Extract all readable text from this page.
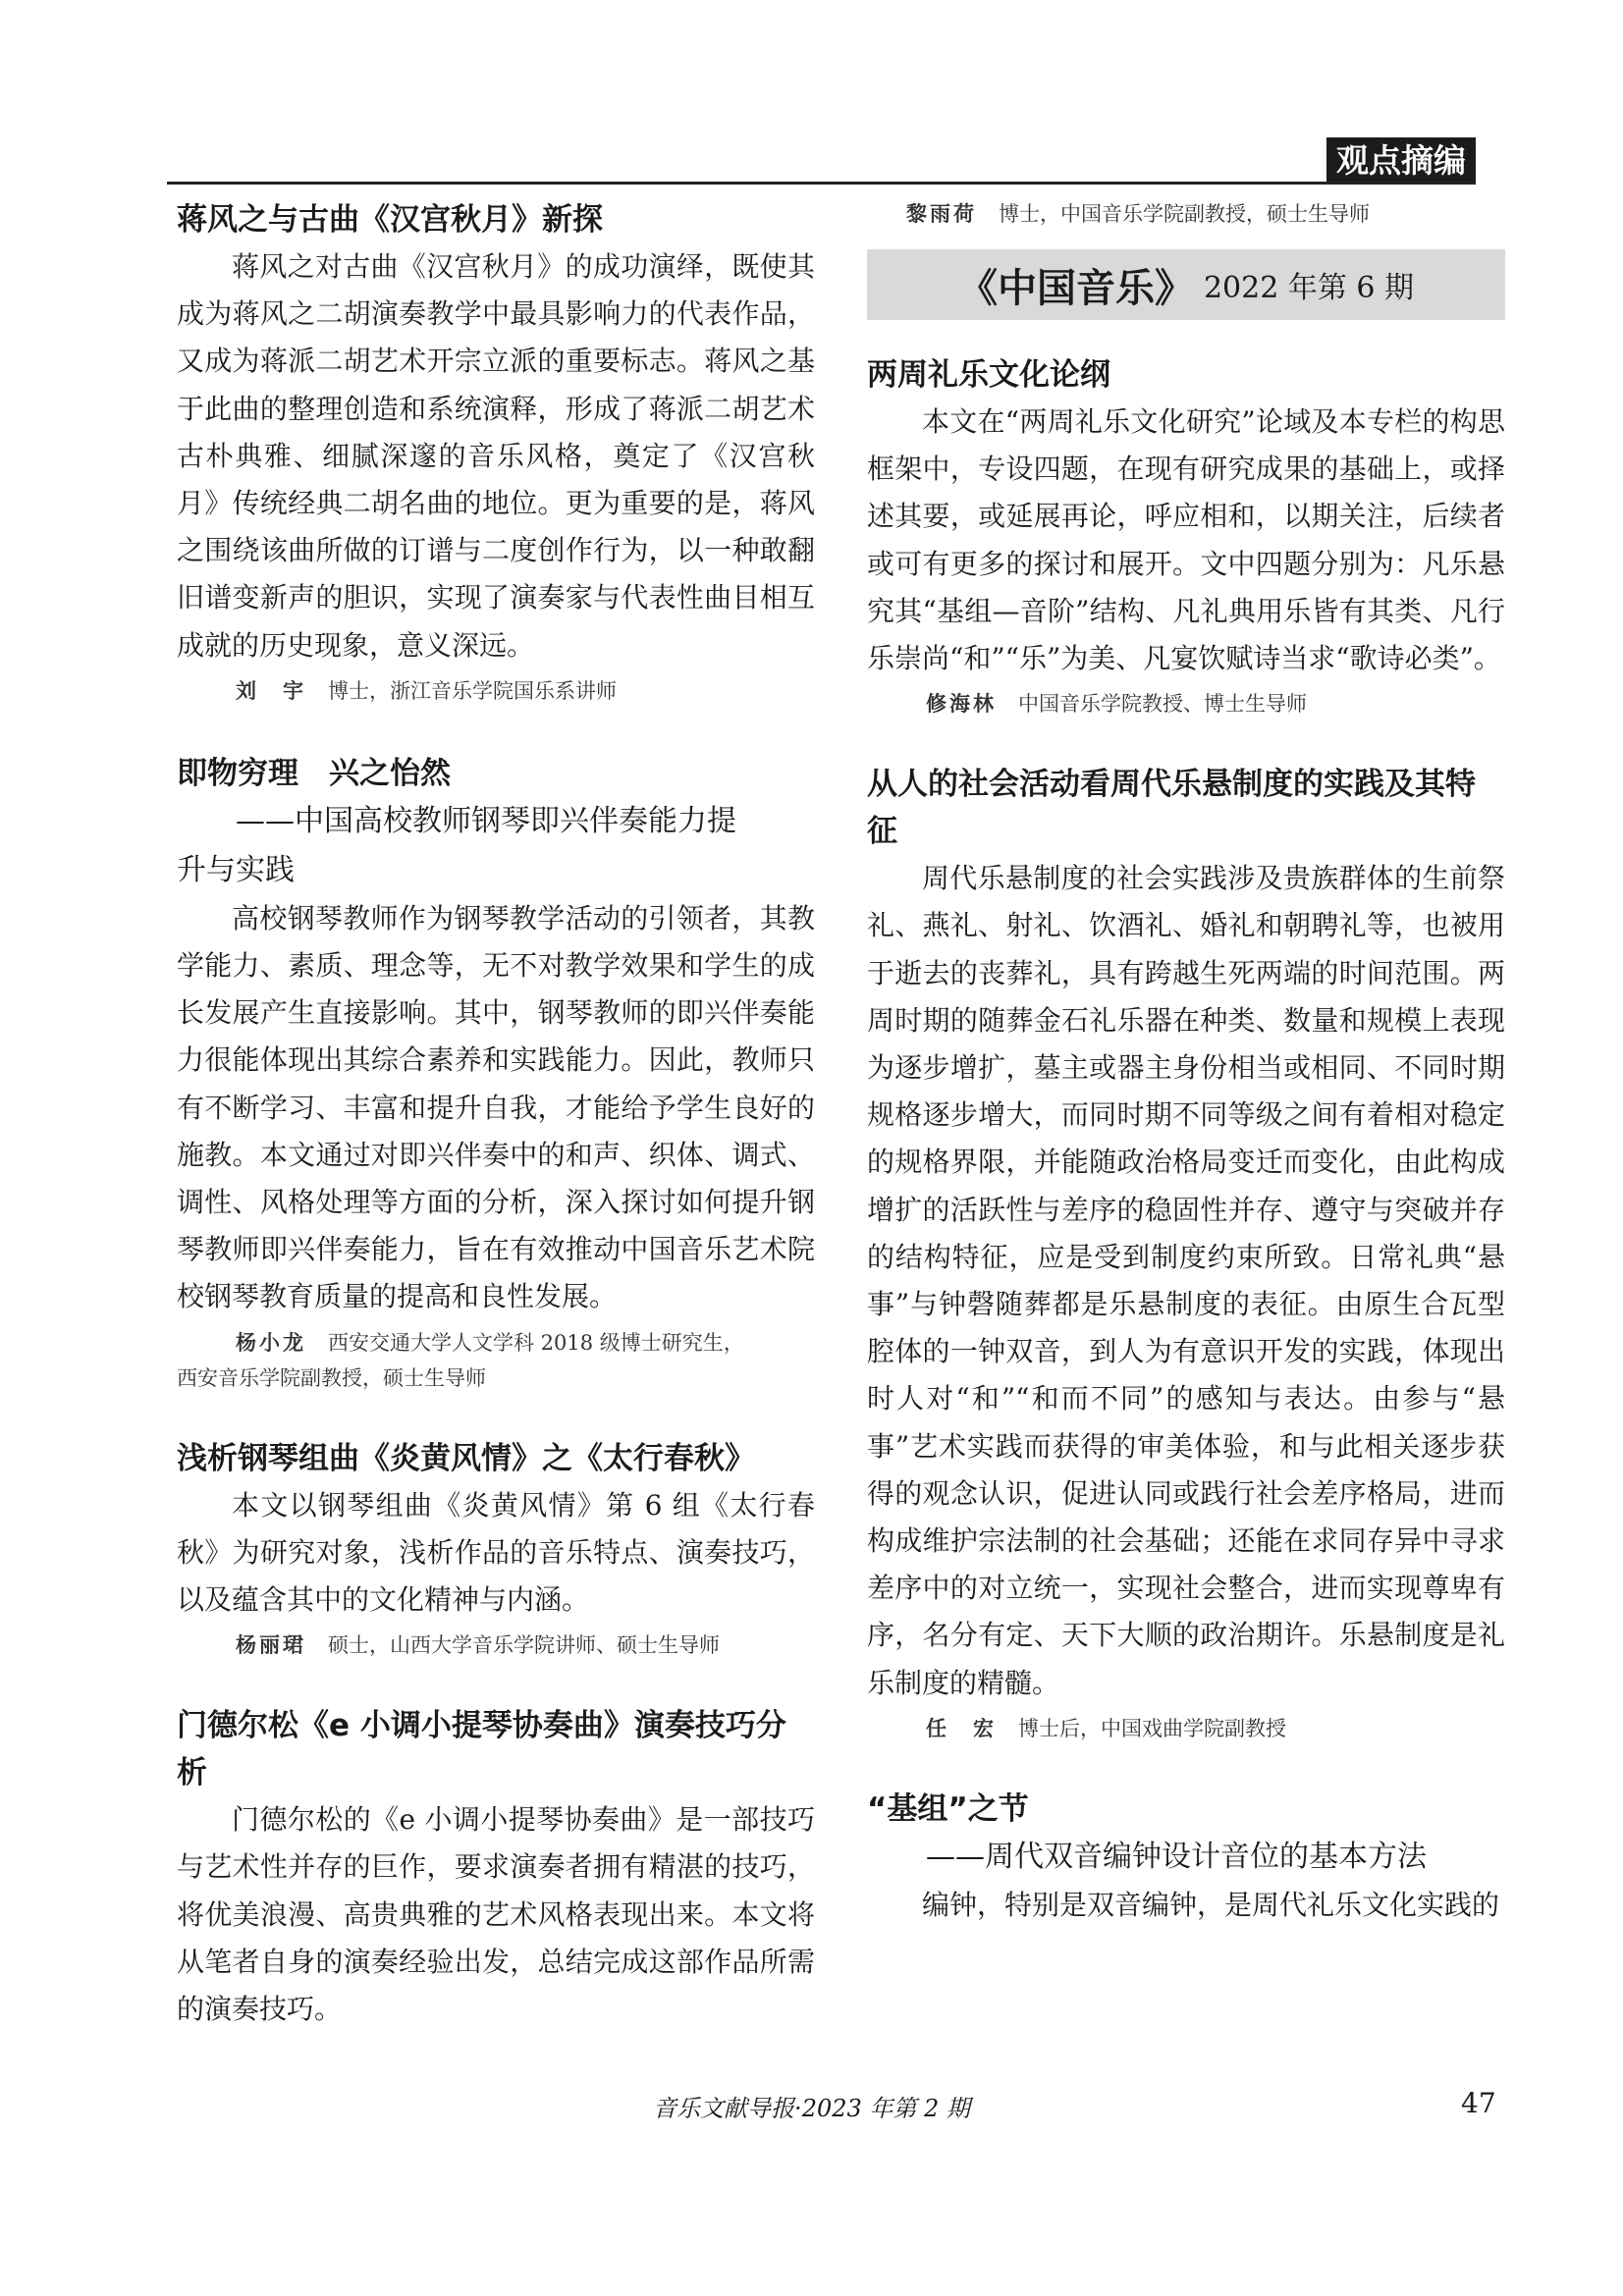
观点摘编
蒋风之与古曲《汉宫秋月》新探

蒋风之对古曲《汉宫秋月》的成功演绎，既使其成为蒋风之二胡演奏教学中最具影响力的代表作品，又成为蒋派二胡艺术开宗立派的重要标志。蒋风之基于此曲的整理创造和系统演释，形成了蒋派二胡艺术古朴典雅、细腻深邃的音乐风格，奠定了《汉宫秋月》传统经典二胡名曲的地位。更为重要的是，蒋风之围绕该曲所做的订谱与二度创作行为，以一种敢翻旧谱变新声的胆识，实现了演奏家与代表性曲目相互成就的历史现象，意义深远。

刘　宇 博士，浙江音乐学院国乐系讲师

即物穷理　兴之怡然

——中国高校教师钢琴即兴伴奏能力提

升与实践

高校钢琴教师作为钢琴教学活动的引领者，其教学能力、素质、理念等，无不对教学效果和学生的成长发展产生直接影响。其中，钢琴教师的即兴伴奏能力很能体现出其综合素养和实践能力。因此，教师只有不断学习、丰富和提升自我，才能给予学生良好的施教。本文通过对即兴伴奏中的和声、织体、调式、调性、风格处理等方面的分析，深入探讨如何提升钢琴教师即兴伴奏能力，旨在有效推动中国音乐艺术院校钢琴教育质量的提高和良性发展。

杨小龙 西安交通大学人文学科 2018 级博士研究生，

西安音乐学院副教授，硕士生导师

浅析钢琴组曲《炎黄风情》之《太行春秋》

本文以钢琴组曲《炎黄风情》第 6 组《太行春秋》为研究对象，浅析作品的音乐特点、演奏技巧，以及蕴含其中的文化精神与内涵。

杨丽珺 硕士，山西大学音乐学院讲师、硕士生导师

门德尔松《e 小调小提琴协奏曲》演奏技巧分析

门德尔松的《e 小调小提琴协奏曲》是一部技巧与艺术性并存的巨作，要求演奏者拥有精湛的技巧，将优美浪漫、高贵典雅的艺术风格表现出来。本文将从笔者自身的演奏经验出发，总结完成这部作品所需的演奏技巧。

黎雨荷 博士，中国音乐学院副教授，硕士生导师

《中国音乐》 2022 年第 6 期
两周礼乐文化论纲

本文在“两周礼乐文化研究”论域及本专栏的构思框架中，专设四题，在现有研究成果的基础上，或择述其要，或延展再论，呼应相和，以期关注，后续者或可有更多的探讨和展开。文中四题分别为：凡乐悬究其“基组—音阶”结构、凡礼典用乐皆有其类、凡行乐崇尚“和”“乐”为美、凡宴饮赋诗当求“歌诗必类”。

修海林 中国音乐学院教授、博士生导师

从人的社会活动看周代乐悬制度的实践及其特征

周代乐悬制度的社会实践涉及贵族群体的生前祭礼、燕礼、射礼、饮酒礼、婚礼和朝聘礼等，也被用于逝去的丧葬礼，具有跨越生死两端的时间范围。两周时期的随葬金石礼乐器在种类、数量和规模上表现为逐步增扩，墓主或器主身份相当或相同、不同时期规格逐步增大，而同时期不同等级之间有着相对稳定的规格界限，并能随政治格局变迁而变化，由此构成增扩的活跃性与差序的稳固性并存、遵守与突破并存的结构特征，应是受到制度约束所致。日常礼典“悬事”与钟磬随葬都是乐悬制度的表征。由原生合瓦型腔体的一钟双音，到人为有意识开发的实践，体现出时人对“和”“和而不同”的感知与表达。由参与“悬事”艺术实践而获得的审美体验，和与此相关逐步获得的观念认识，促进认同或践行社会差序格局，进而构成维护宗法制的社会基础；还能在求同存异中寻求差序中的对立统一，实现社会整合，进而实现尊卑有序，名分有定、天下大顺的政治期许。乐悬制度是礼乐制度的精髓。

任　宏 博士后，中国戏曲学院副教授

“基组”之节

——周代双音编钟设计音位的基本方法

编钟，特别是双音编钟，是周代礼乐文化实践的

音乐文献导报·2023 年第 2 期	47
